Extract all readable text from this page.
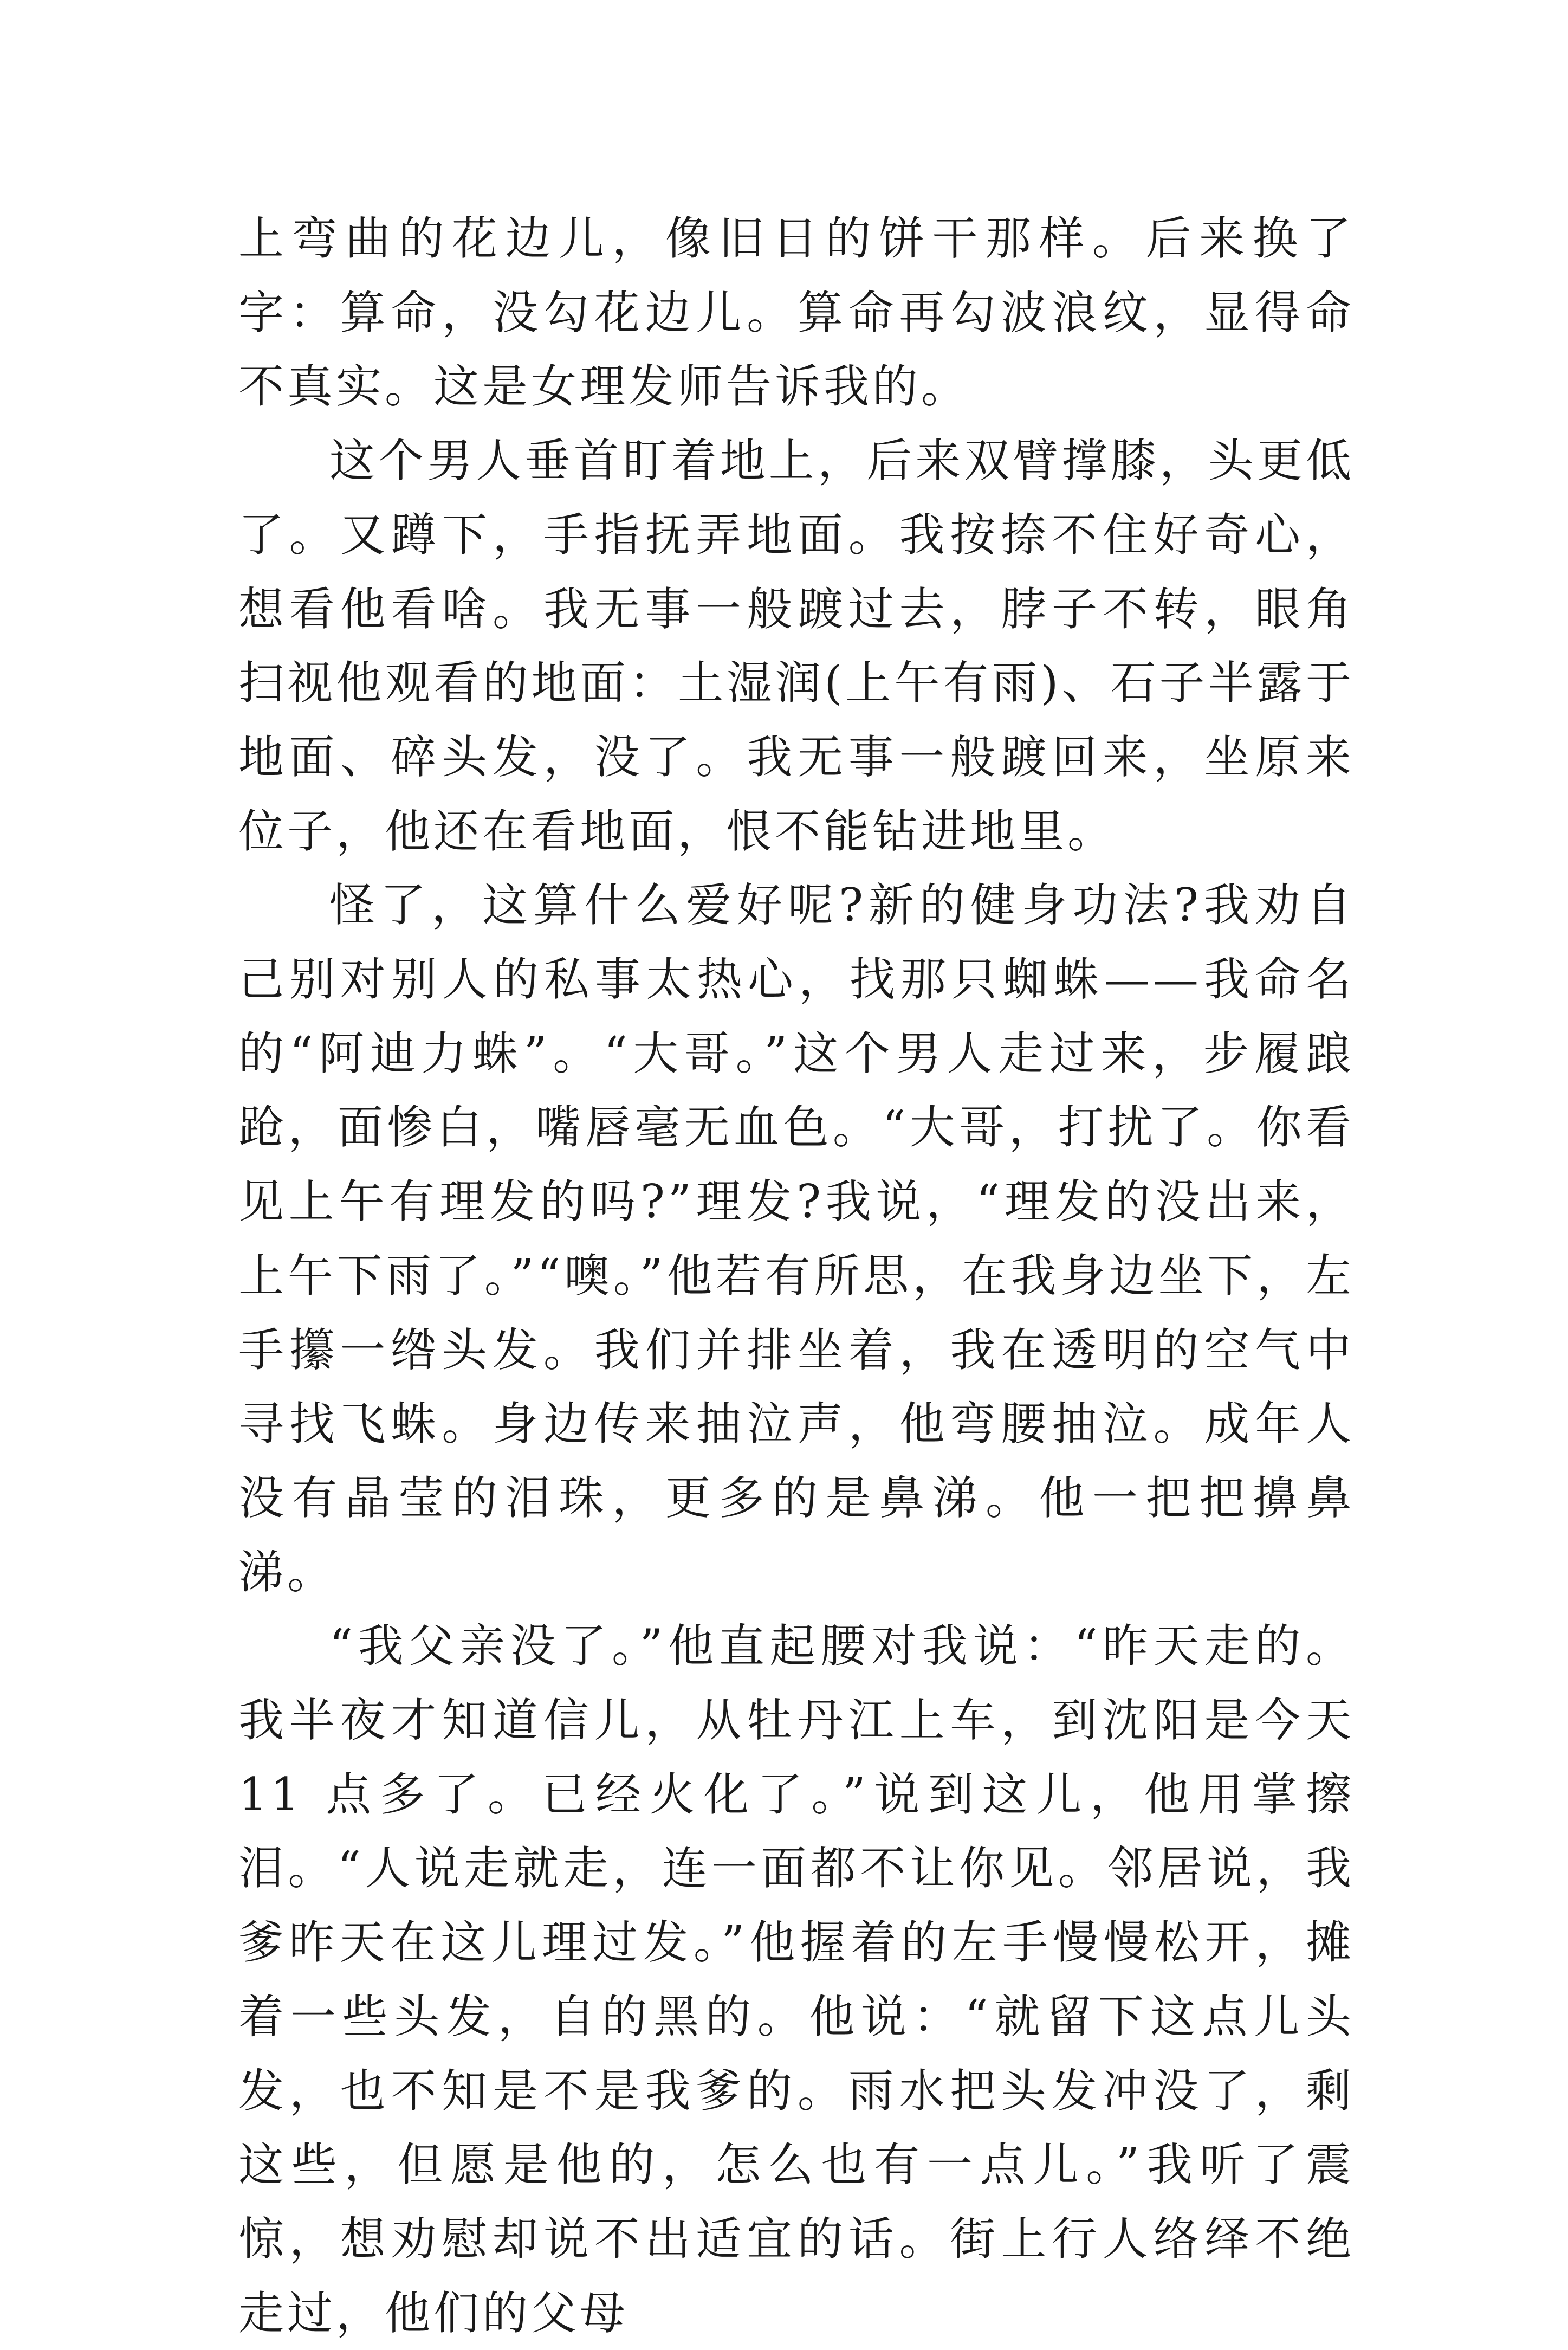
上弯曲的花边儿，像旧日的饼干那样。后来换了字：算命，没勾花边儿。算命再勾波浪纹，显得命不真实。这是女理发师告诉我的。

这个男人垂首盯着地上，后来双臂撑膝，头更低了。又蹲下，手指抚弄地面。我按捺不住好奇心，想看他看啥。我无事一般踱过去，脖子不转，眼角扫视他观看的地面：土湿润(上午有雨)、石子半露于地面、碎头发，没了。我无事一般踱回来，坐原来位子，他还在看地面，恨不能钻进地里。

怪了，这算什么爱好呢?新的健身功法?我劝自己别对别人的私事太热心，找那只蜘蛛——我命名的“阿迪力蛛”。“大哥。”这个男人走过来，步履踉跄，面惨白，嘴唇毫无血色。“大哥，打扰了。你看见上午有理发的吗?”理发?我说，“理发的没出来，上午下雨了。”“噢。”他若有所思，在我身边坐下，左手攥一绺头发。我们并排坐着，我在透明的空气中寻找飞蛛。身边传来抽泣声，他弯腰抽泣。成年人没有晶莹的泪珠，更多的是鼻涕。他一把把擤鼻涕。

“我父亲没了。”他直起腰对我说：“昨天走的。我半夜才知道信儿，从牡丹江上车，到沈阳是今天 11 点多了。已经火化了。”说到这儿，他用掌擦泪。“人说走就走，连一面都不让你见。邻居说，我爹昨天在这儿理过发。”他握着的左手慢慢松开，摊着一些头发，自的黑的。他说：“就留下这点儿头发，也不知是不是我爹的。雨水把头发冲没了，剩这些，但愿是他的，怎么也有一点儿。”我听了震惊，想劝慰却说不出适宜的话。街上行人络绎不绝走过，他们的父母
